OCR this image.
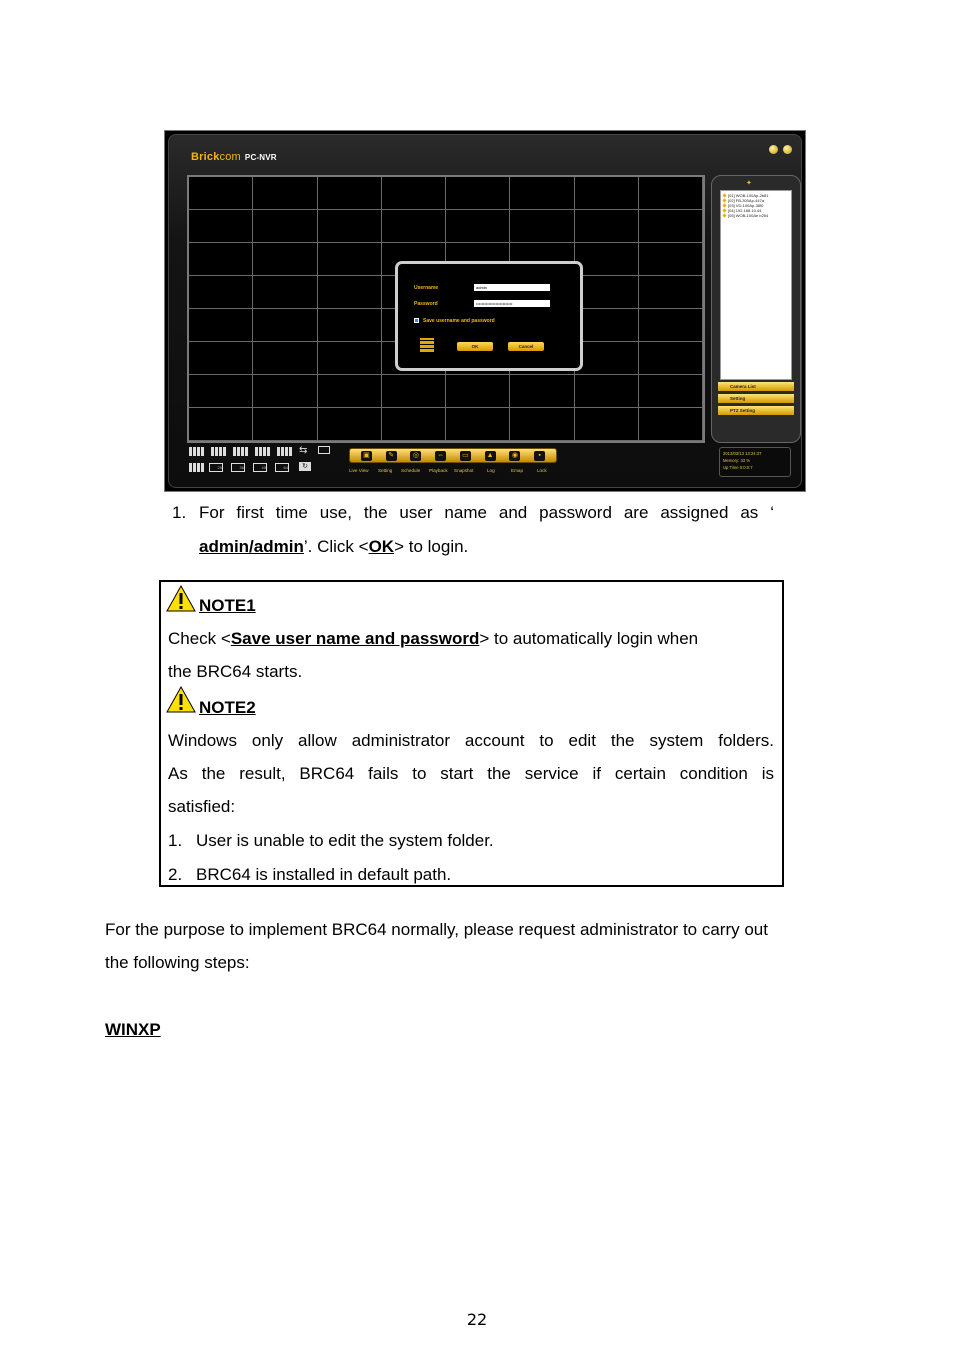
Brickcom PC-NVR
Username	admin
Password	••••••••••••••••••••••••••
Save username and password
OK	Cancel
✦
[01] WOB-100Ap-2b81
[02] FB-300Ap-447a
[03] VD-100Ap-38f0
[04] 192.168.10.44
[05] WOB-100Ae b254
Camera List
Setting
PTZ Setting
2013/03/13 13:24:37
Memory: 33 %
Up Time 0:0:0:7
⇆
25	36	49	64	↻
▣	✎	◎	⇔	▭	▲	◉	▪
Live View Setting Schedule Playback Snapshot	Log	Emap	Lock
1. For first time use, the user name and password are assigned as ‘
admin/admin’. Click <OK> to login.
NOTE1
Check <Save user name and password> to automatically login when
the BRC64 starts.
NOTE2
Windows only allow administrator account to edit the system folders.
As the result, BRC64 fails to start the service if certain condition is
satisfied:
1. User is unable to edit the system folder.
2. BRC64 is installed in default path.
For the purpose to implement BRC64 normally, please request administrator to carry out
the following steps:
WINXP
22
